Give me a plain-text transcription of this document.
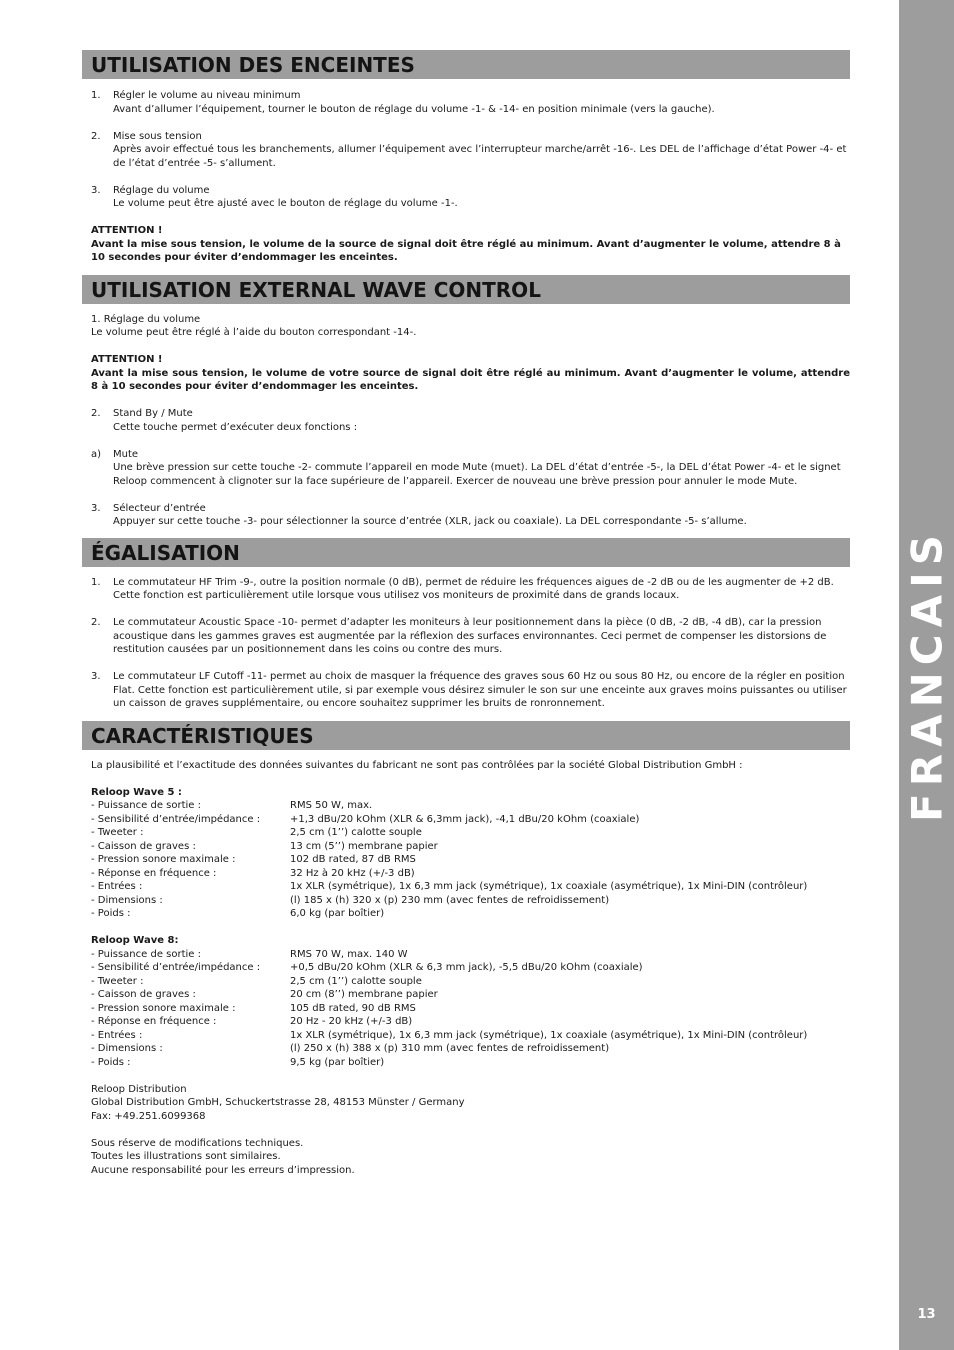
FRANCAIS
13
UTILISATION DES ENCEINTES
1. Régler le volume au niveau minimum
Avant d’allumer l’équipement, tourner le bouton de réglage du volume -1- & -14- en position minimale (vers la gauche).
2. Mise sous tension
Après avoir effectué tous les branchements, allumer l’équipement avec l’interrupteur marche/arrêt -16-. Les DEL de l’affichage d’état Power -4- et de l’état d’entrée -5- s’allument.
3. Réglage du volume
Le volume peut être ajusté avec le bouton de réglage du volume -1-.
ATTENTION !
Avant la mise sous tension, le volume de la source de signal doit être réglé au minimum. Avant d’augmenter le volume, attendre 8 à 10 secondes pour éviter d’endommager les enceintes.
UTILISATION EXTERNAL WAVE CONTROL
1. Réglage du volume
Le volume peut être réglé à l’aide du bouton correspondant -14-.
ATTENTION !
Avant la mise sous tension, le volume de votre source de signal doit être réglé au minimum. Avant d’augmenter le volume, attendre 8 à 10 secondes pour éviter d’endommager les enceintes.
2. Stand By / Mute
Cette touche permet d’exécuter deux fonctions :
a) Mute
Une brève pression sur cette touche -2- commute l’appareil en mode Mute (muet). La DEL d’état d’entrée -5-, la DEL d’état Power -4- et le signet Reloop commencent à clignoter sur la face supérieure de l’appareil. Exercer de nouveau une brève pression pour annuler le mode Mute.
3. Sélecteur d’entrée
Appuyer sur cette touche -3- pour sélectionner la source d’entrée (XLR, jack ou coaxiale). La DEL correspondante -5- s’allume.
ÉGALISATION
1. Le commutateur HF Trim -9-, outre la position normale (0 dB), permet de réduire les fréquences aigues de -2 dB ou de les augmenter de +2 dB. Cette fonction est particulièrement utile lorsque vous utilisez vos moniteurs de proximité dans de grands locaux.
2. Le commutateur Acoustic Space -10- permet d’adapter les moniteurs à leur positionnement dans la pièce (0 dB, -2 dB, -4 dB), car la pression acoustique dans les gammes graves est augmentée par la réflexion des surfaces environnantes. Ceci permet de compenser les distorsions de restitution causées par un positionnement dans les coins ou contre des murs.
3. Le commutateur LF Cutoff -11- permet au choix de masquer la fréquence des graves sous 60 Hz ou sous 80 Hz, ou encore de la régler en position Flat. Cette fonction est particulièrement utile, si par exemple vous désirez simuler le son sur une enceinte aux graves moins puissantes ou utiliser un caisson de graves supplémentaire, ou encore souhaitez supprimer les bruits de ronronnement.
CARACTÉRISTIQUES
La plausibilité et l’exactitude des données suivantes du fabricant ne sont pas contrôlées par la société Global Distribution GmbH :
Reloop Wave 5 :
- Puissance de sortie :	RMS 50 W, max.
- Sensibilité d’entrée/impédance :	+1,3 dBu/20 kOhm (XLR & 6,3mm jack), -4,1 dBu/20 kOhm (coaxiale)
- Tweeter :	2,5 cm (1’’) calotte souple
- Caisson de graves :	13 cm (5’’) membrane papier
- Pression sonore maximale :	102 dB rated, 87 dB RMS
- Réponse en fréquence :	32 Hz à 20 kHz (+/-3 dB)
- Entrées :	1x XLR (symétrique), 1x 6,3 mm jack (symétrique), 1x coaxiale (asymétrique), 1x Mini-DIN (contrôleur)
- Dimensions :	(l) 185 x (h) 320 x (p) 230 mm (avec fentes de refroidissement)
- Poids :	6,0 kg (par boîtier)
Reloop Wave 8:
- Puissance de sortie :	RMS 70 W, max. 140 W
- Sensibilité d’entrée/impédance :	+0,5 dBu/20 kOhm (XLR & 6,3 mm jack), -5,5 dBu/20 kOhm (coaxiale)
- Tweeter :	2,5 cm (1’’) calotte souple
- Caisson de graves :	20 cm (8’’) membrane papier
- Pression sonore maximale :	105 dB rated, 90 dB RMS
- Réponse en fréquence :	20 Hz - 20 kHz (+/-3 dB)
- Entrées :	1x XLR (symétrique), 1x 6,3 mm jack (symétrique), 1x coaxiale (asymétrique), 1x Mini-DIN (contrôleur)
- Dimensions :	(l) 250 x (h) 388 x (p) 310 mm (avec fentes de refroidissement)
- Poids :	9,5 kg (par boîtier)
Reloop Distribution
Global Distribution GmbH, Schuckertstrasse 28, 48153 Münster / Germany
Fax: +49.251.6099368
Sous réserve de modifications techniques.
Toutes les illustrations sont similaires.
Aucune responsabilité pour les erreurs d’impression.
